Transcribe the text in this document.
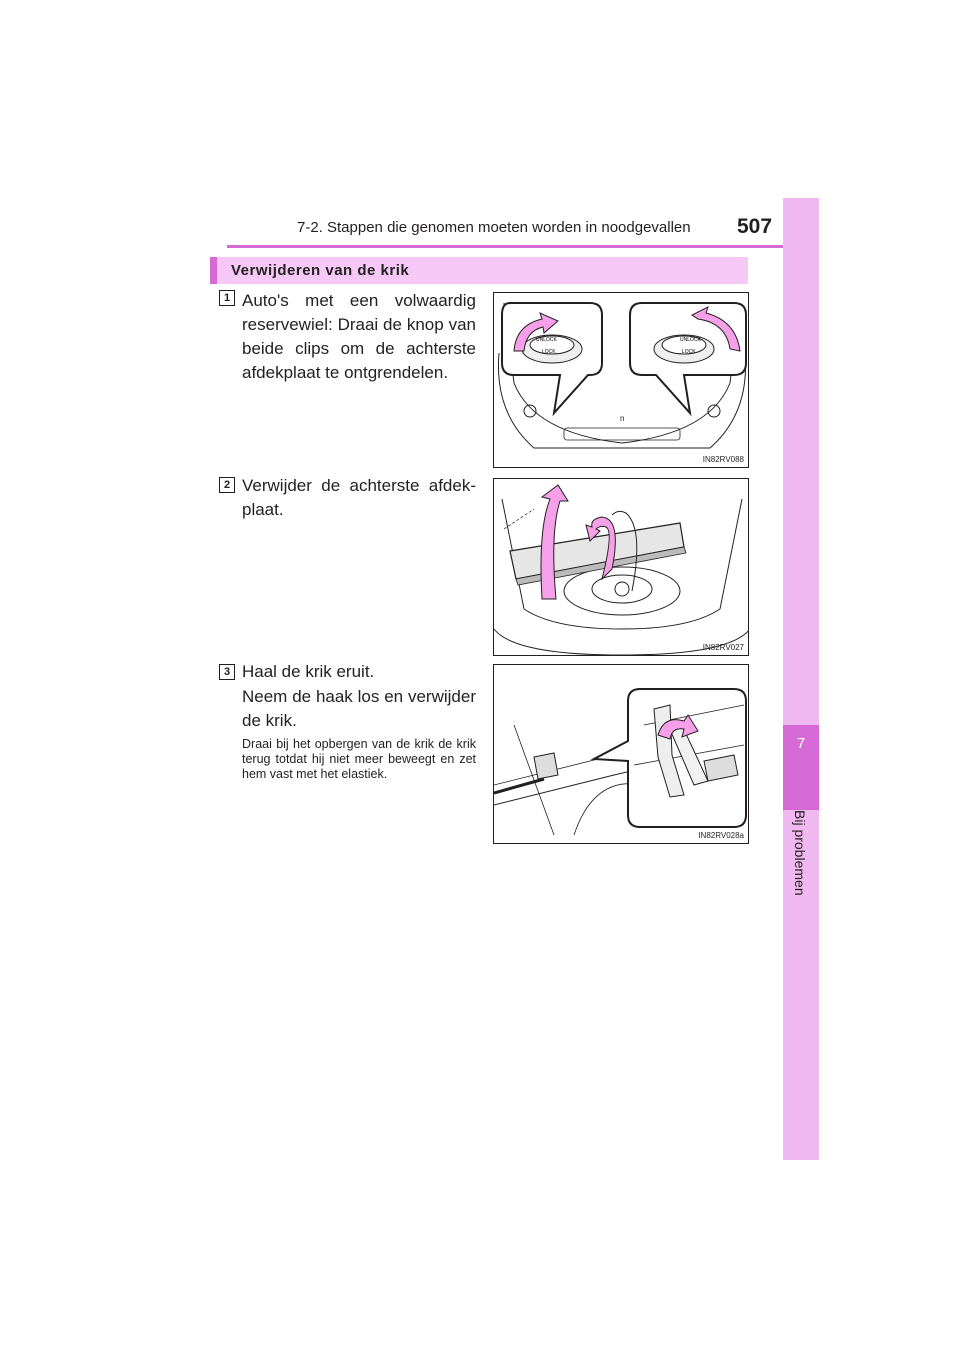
7-2. Stappen die genomen moeten worden in noodgevallen 507
7
Bij problemen
Verwijderen van de krik
1 Auto's met een volwaardig reservewiel: Draai de knop van beide clips om de achterste afdekplaat te ontgrendelen.
UNLOCK
LOCK
UNLOCK
LOCK
n
IN82RV088
2 Verwijder de achterste afdek- plaat.
IN82RV027
3 Haal de krik eruit.
Neem de haak los en verwijder de krik.
Draai bij het opbergen van de krik de krik terug totdat hij niet meer beweegt en zet hem vast met het elastiek.
IN82RV028a
